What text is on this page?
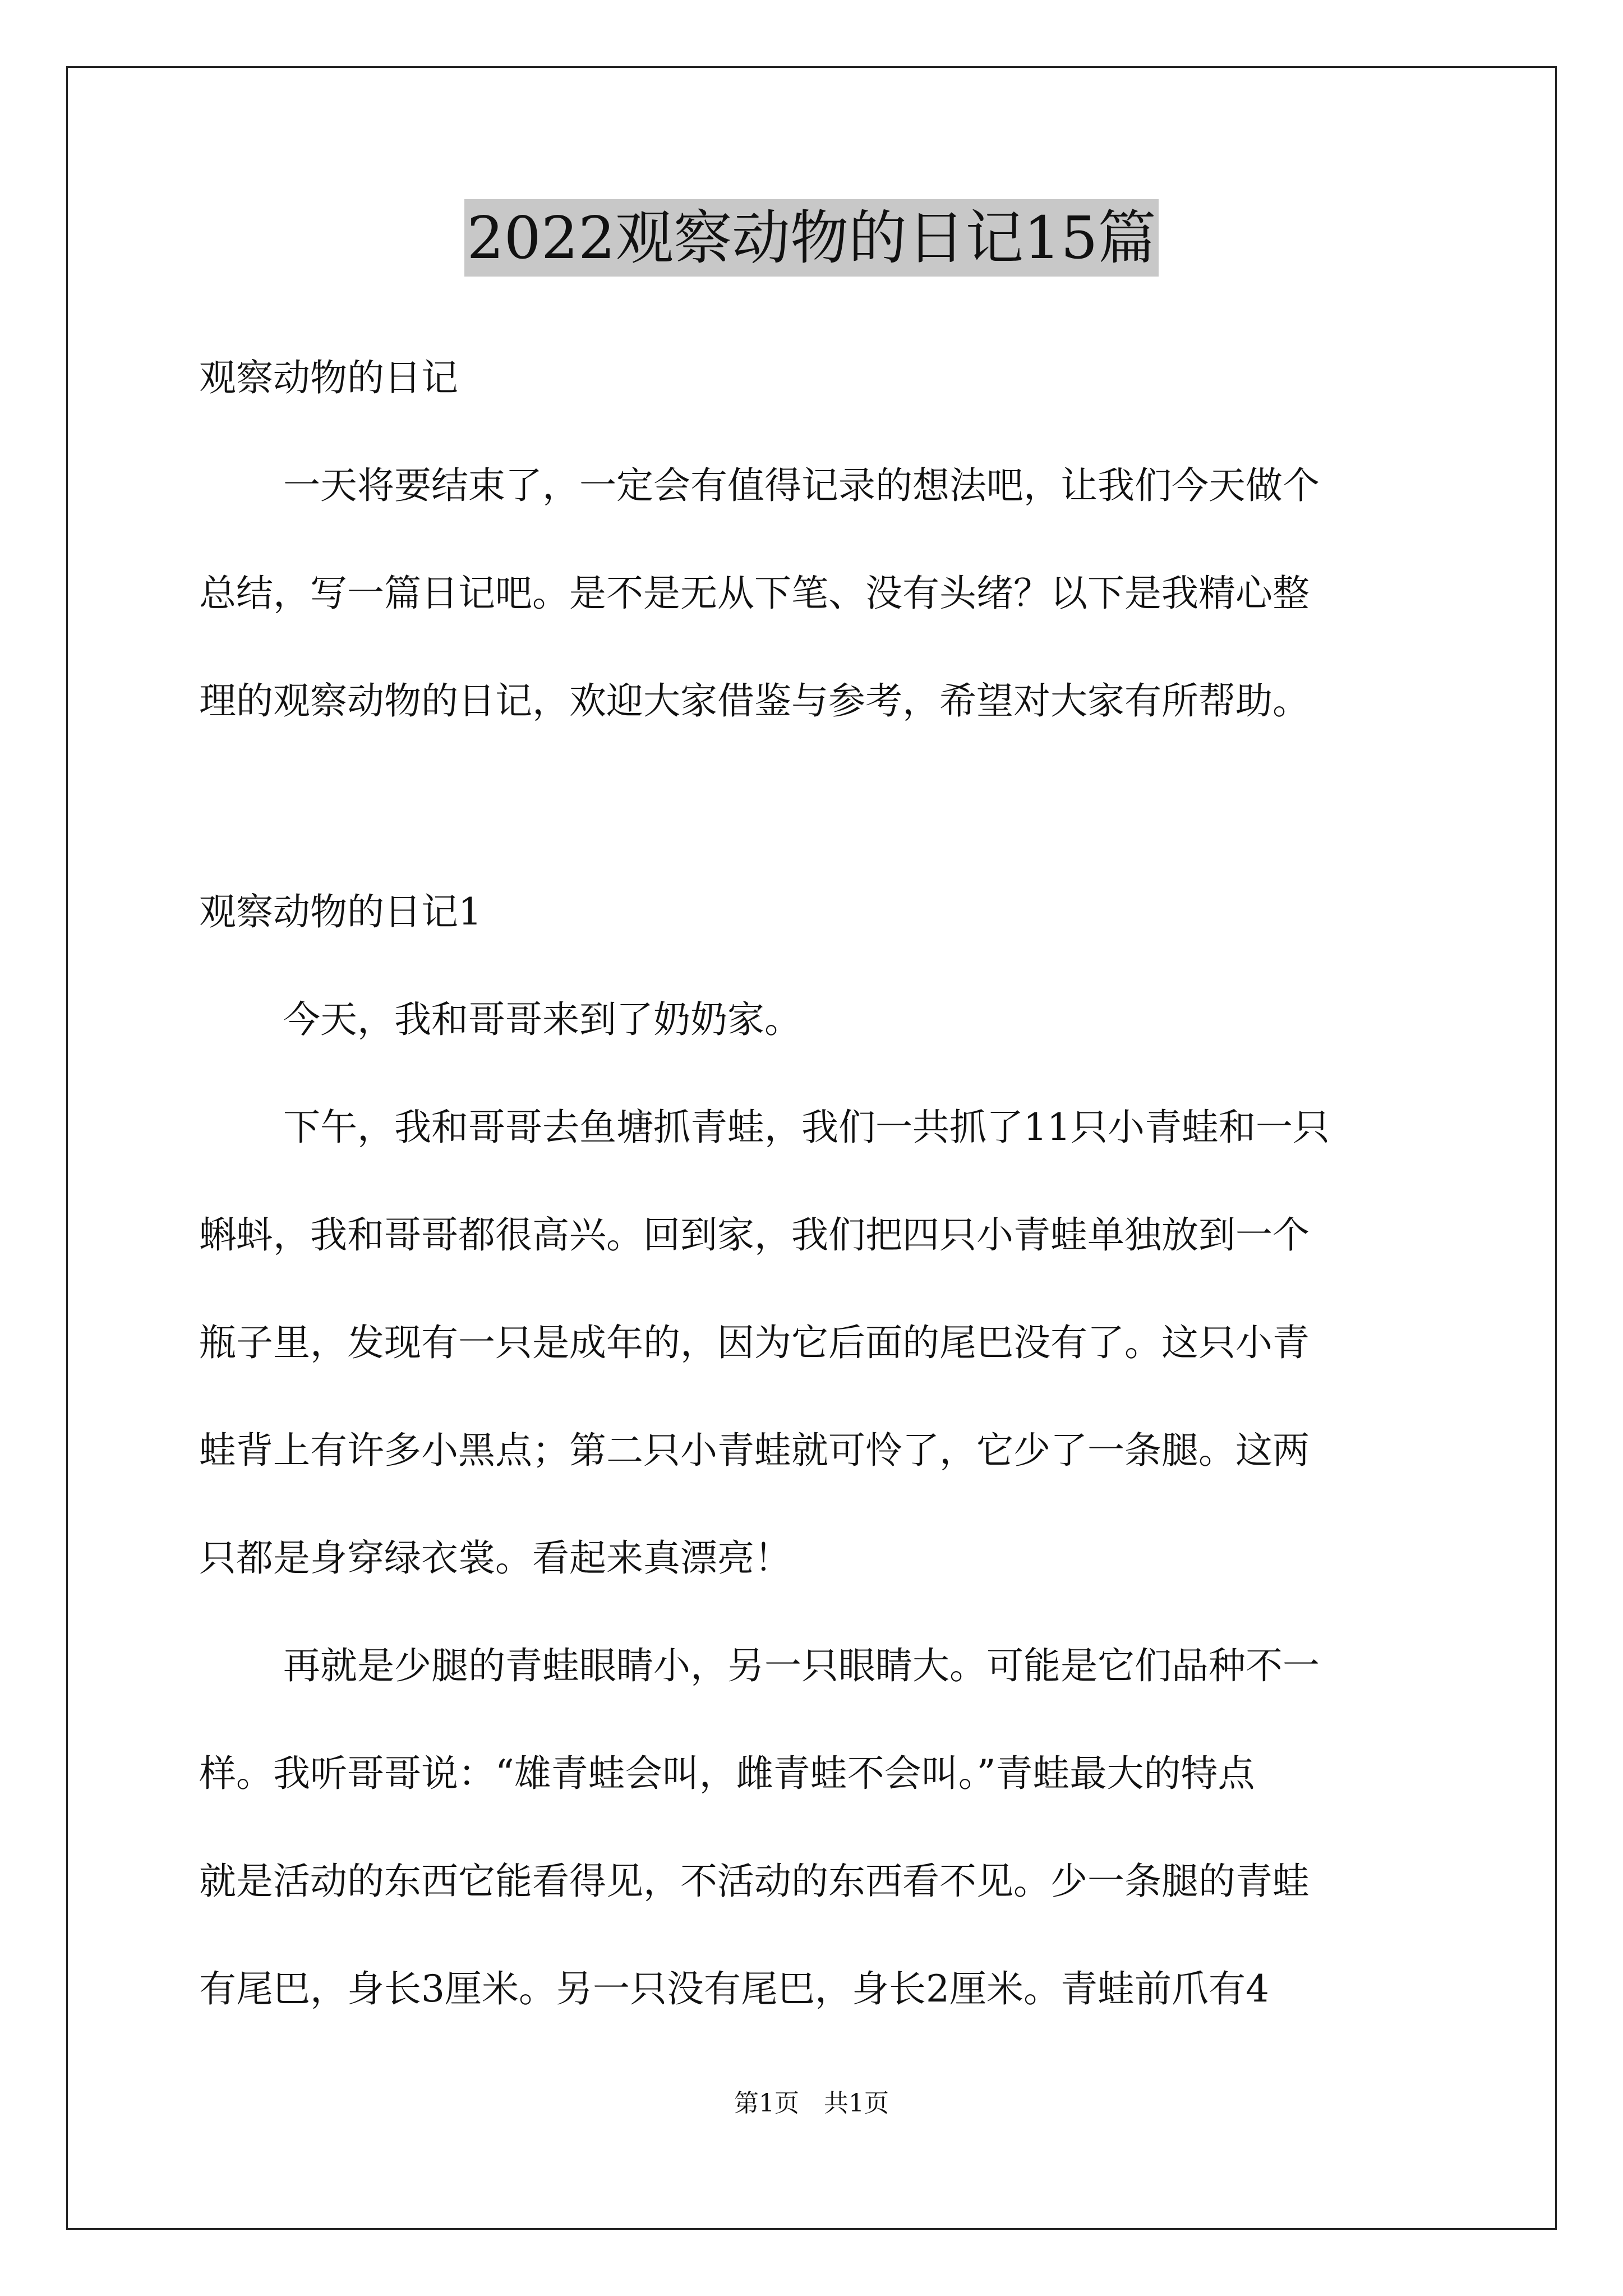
2022观察动物的日记15篇
观察动物的日记
一天将要结束了，一定会有值得记录的想法吧，让我们今天做个
总结，写一篇日记吧。是不是无从下笔、没有头绪？以下是我精心整
理的观察动物的日记，欢迎大家借鉴与参考，希望对大家有所帮助。
观察动物的日记1
今天，我和哥哥来到了奶奶家。
下午，我和哥哥去鱼塘抓青蛙，我们一共抓了11只小青蛙和一只
蝌蚪，我和哥哥都很高兴。回到家，我们把四只小青蛙单独放到一个
瓶子里，发现有一只是成年的，因为它后面的尾巴没有了。这只小青
蛙背上有许多小黑点；第二只小青蛙就可怜了，它少了一条腿。这两
只都是身穿绿衣裳。看起来真漂亮！
再就是少腿的青蛙眼睛小，另一只眼睛大。可能是它们品种不一
样。我听哥哥说：“雄青蛙会叫，雌青蛙不会叫。”青蛙最大的特点
就是活动的东西它能看得见，不活动的东西看不见。少一条腿的青蛙
有尾巴，身长3厘米。另一只没有尾巴，身长2厘米。青蛙前爪有4
第1页 共1页
